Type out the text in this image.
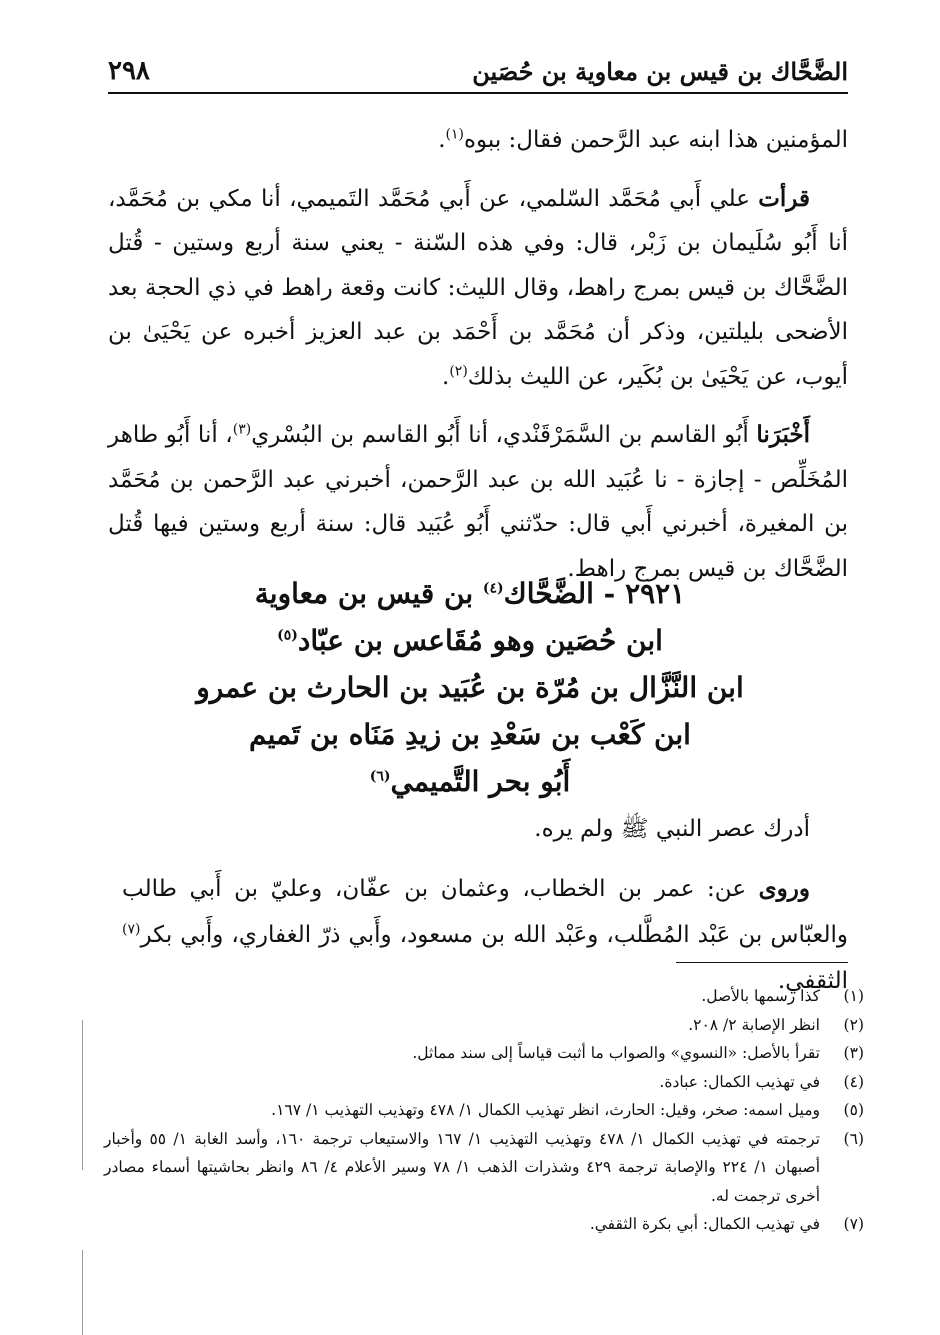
الضَّحَّاك بن قيس بن معاوية بن حُصَين
٢٩٨

المؤمنين هذا ابنه عبد الرَّحمن فقال: ببوه$^{(١)}$.

قرأت علي أَبي مُحَمَّد السّلمي، عن أَبي مُحَمَّد التَميمي، أنا مكي بن مُحَمَّد، أنا أَبُو سُلَيمان بن زَبْر، قال: وفي هذه السّنة - يعني سنة أربع وستين - قُتل الضَّحَّاك بن قيس بمرج راهط، وقال الليث: كانت وقعة راهط في ذي الحجة بعد الأضحى بليلتين، وذكر أن مُحَمَّد بن أَحْمَد بن عبد العزيز أخبره عن يَحْيَىٰ بن أيوب، عن يَحْيَىٰ بن بُكَير، عن الليث بذلك$^{(٢)}$.

أَخْبَرَنا أَبُو القاسم بن السَّمَرْقَنْدي، أنا أَبُو القاسم بن البُسْري$^{(٣)}$، أنا أَبُو طاهر المُخَلِّص - إجازة - نا عُبَيد الله بن عبد الرَّحمن، أخبرني عبد الرَّحمن بن مُحَمَّد بن المغيرة، أخبرني أَبي قال: حدّثني أَبُو عُبَيد قال: سنة أربع وستين فيها قُتل الضَّحَّاك بن قيس بمرج راهط.

٢٩٢١ - الضَّحَّاك$^{(٤)}$ بن قيس بن معاوية
ابن حُصَين وهو مُقَاعس بن عبّاد$^{(٥)}$
ابن النَّزَّال بن مُرّة بن عُبَيد بن الحارث بن عمرو
ابن كَعْب بن سَعْدِ بن زيدِ مَنَاه بن تَميم
أَبُو بحر التَّميمي$^{(٦)}$

أدرك عصر النبي ﷺ ولم يره.

وروى عن: عمر بن الخطاب، وعثمان بن عفّان، وعليّ بن أَبي طالب والعبّاس بن عَبْد المُطَّلب، وعَبْد الله بن مسعود، وأَبي ذرّ الغفاري، وأَبي بكر$^{(٧)}$ الثقفي.

(١)
كذا رسمها بالأصل.
(٢)
انظر الإصابة ٢/ ٢٠٨.
(٣)
تقرأ بالأصل: «النسوي» والصواب ما أثبت قياساً إلى سند مماثل.
(٤)
في تهذيب الكمال: عبادة.
(٥)
وميل اسمه: صخر، وقيل: الحارث، انظر تهذيب الكمال ١/ ٤٧٨ وتهذيب التهذيب ١/ ١٦٧.
(٦)
ترجمته في تهذيب الكمال ١/ ٤٧٨ وتهذيب التهذيب ١/ ١٦٧ والاستيعاب ترجمة ١٦٠، وأسد الغابة ١/ ٥٥ وأخبار أصبهان ١/ ٢٢٤ والإصابة ترجمة ٤٢٩ وشذرات الذهب ١/ ٧٨ وسير الأعلام ٤/ ٨٦ وانظر بحاشيتها أسماء مصادر أخرى ترجمت له.
(٧)
في تهذيب الكمال: أبي بكرة الثقفي.
